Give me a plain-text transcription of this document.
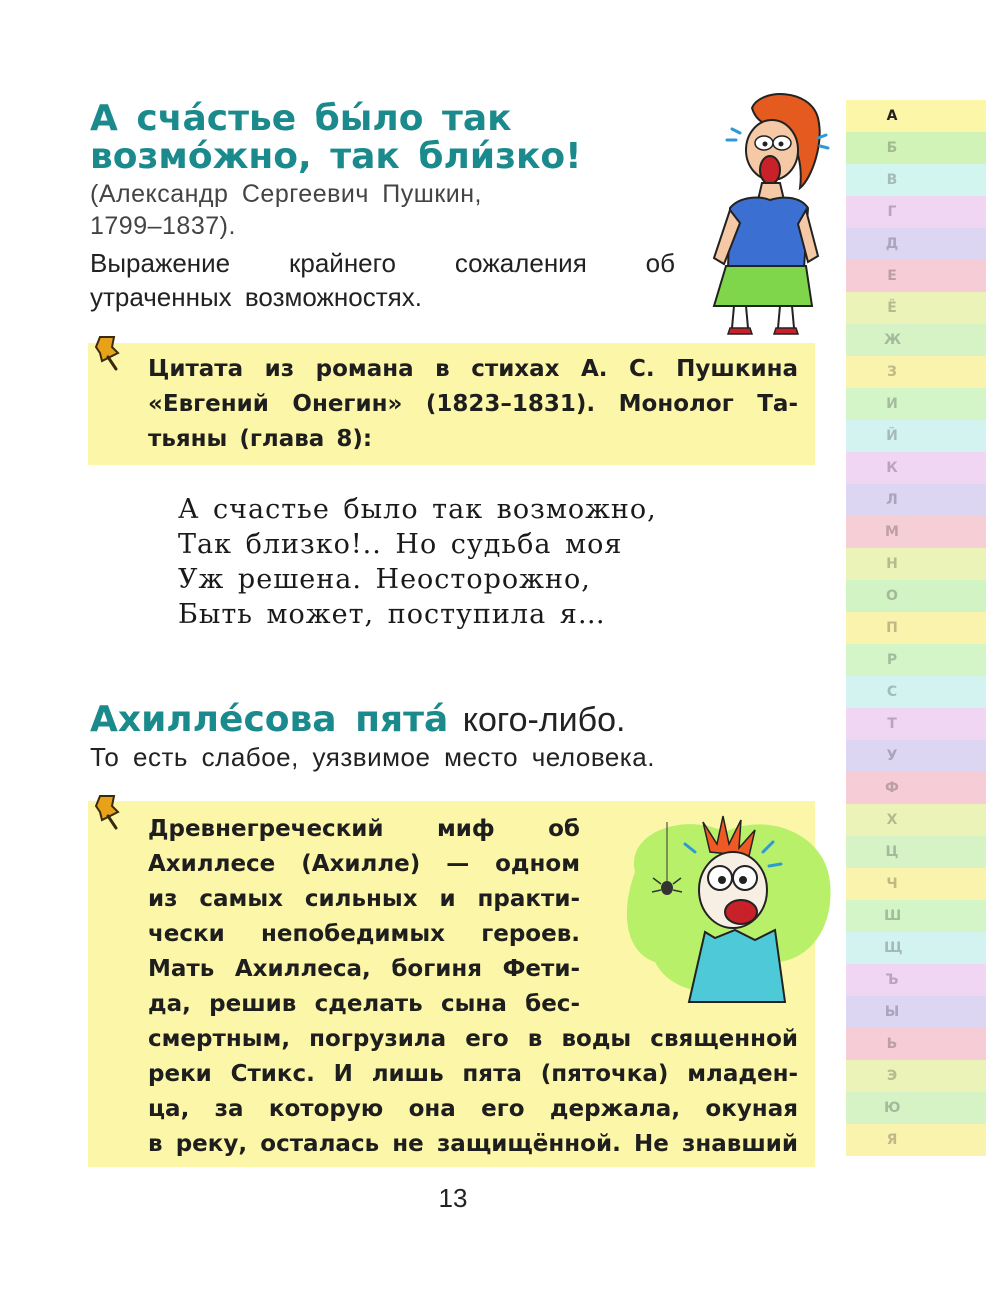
А сча́стье бы́ло так
возмо́жно, так бли́зко!
(Александр Сергеевич Пушкин,
1799–1837).
Выражение крайнего сожаления об
утраченных возможностях.
Цитата из романа в стихах А. С. Пушкина
«Евгений Онегин» (1823–1831). Монолог Та-
тьяны (глава 8):
А счастье было так возможно,
Так близко!.. Но судьба моя
Уж решена. Неосторожно,
Быть может, поступила я…
Ахилле́сова пята́ кого-либо.
То есть слабое, уязвимое место человека.
Древнегреческий миф об
Ахиллесе (Ахилле) — одном
из самых сильных и практи-
чески непобедимых героев.
Мать Ахиллеса, богиня Фети-
да, решив сделать сына бес-
смертным, погрузила его в воды священной
реки Стикс. И лишь пята (пяточка) младен-
ца, за которую она его держала, окуная
в реку, осталась не защищённой. Не знавший
13
А
Б
В
Г
Д
Е
Ё
Ж
З
И
Й
К
Л
М
Н
О
П
Р
С
Т
У
Ф
Х
Ц
Ч
Ш
Щ
Ъ
Ы
Ь
Э
Ю
Я
